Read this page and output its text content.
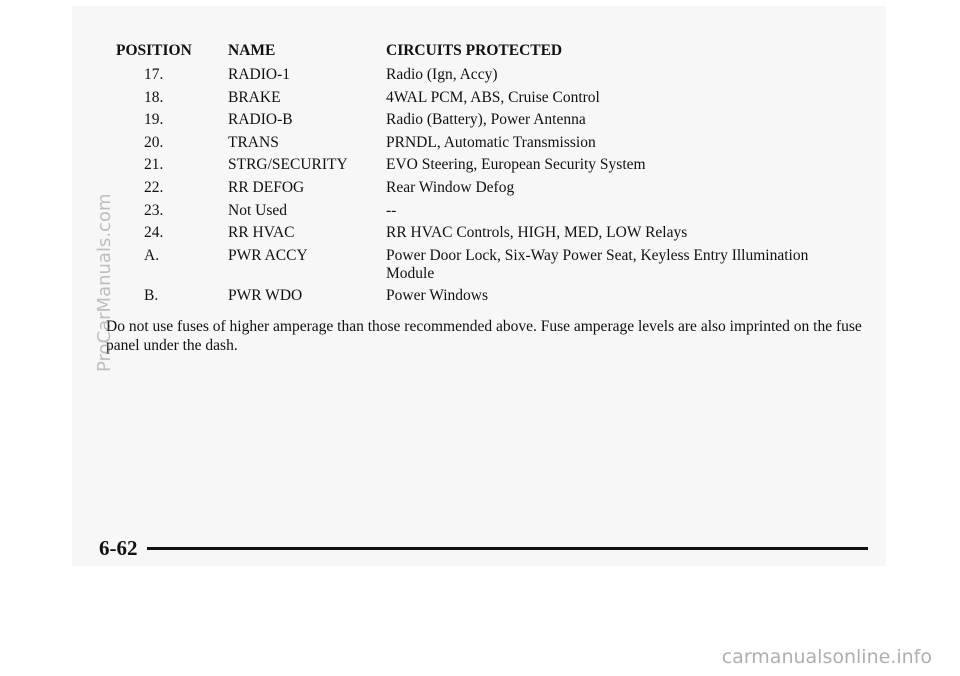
POSITION	NAME	CIRCUITS PROTECTED
17.	RADIO-1	Radio (Ign, Accy)
18.	BRAKE	4WAL PCM, ABS, Cruise Control
19.	RADIO-B	Radio (Battery), Power Antenna
20.	TRANS	PRNDL, Automatic Transmission
21.	STRG/SECURITY	EVO Steering, European Security System
22.	RR DEFOG	Rear Window Defog
23.	Not Used	--
24.	RR HVAC	RR HVAC Controls, HIGH, MED, LOW Relays
A.	PWR ACCY	Power Door Lock, Six-Way Power Seat, Keyless Entry Illumination Module
B.	PWR WDO	Power Windows
Do not use fuses of higher amperage than those recommended above. Fuse amperage levels are also imprinted on the fuse panel under the dash.
6-62
ProCarManuals.com
carmanualsonline.info
